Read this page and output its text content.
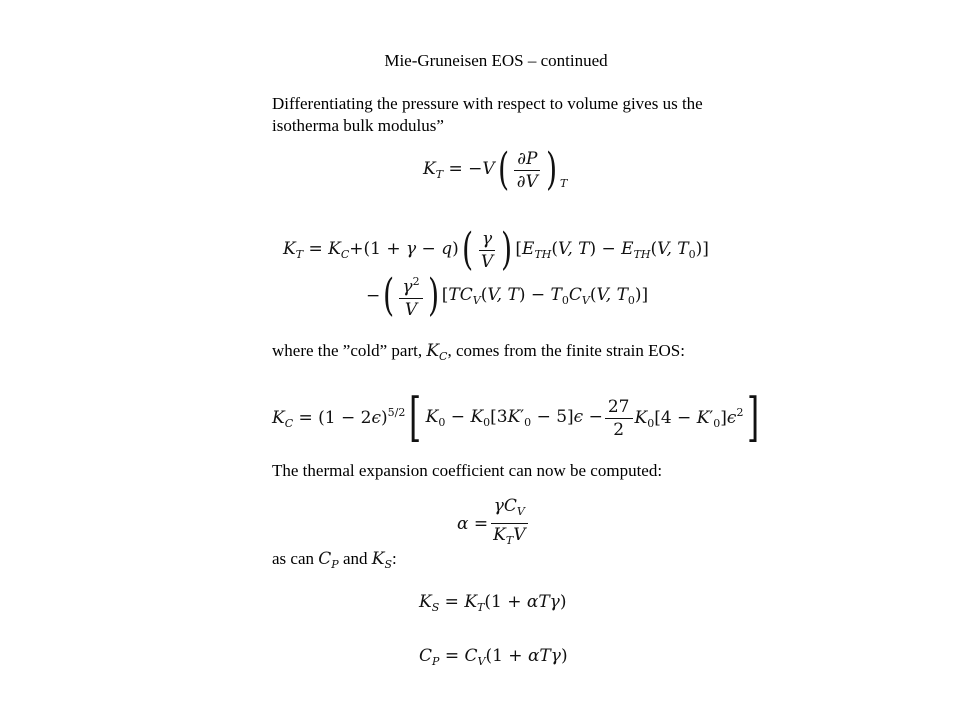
Mie-Gruneisen EOS – continued
Differentiating the pressure with respect to volume gives us the
isotherma bulk modulus”
$K_T = -V$ ( $\frac{\partial P}{\partial V}$ ) T
$K_T = K_C+(1 + \gamma - q)$ ( $\frac{\gamma}{V}$ ) [$E_{TH}(V$, $T) - E_{TH}(V$, $T_0$)]
− ( $\frac{\gamma^2}{V}$ ) [$TC_V(V$, $T) - T_0C_V(V$, $T_0$)]
where the ”cold” part, $K_C$, comes from the finite strain EOS:
$K_C = (1 - 2\epsilon)^{5/2}$ [ $K_0 - K_0[3K'_0 - 5]\epsilon - \frac{27}{2} K_0[4 - K'_0]\epsilon^2$ ]
The thermal expansion coefficient can now be computed:
$\alpha = \frac{\gamma C_V}{K_TV}$
as can $C_P$ and $K_S$:
$K_S = K_T(1 + \alpha T\gamma)$
$C_P = C_V(1 + \alpha T\gamma)$
